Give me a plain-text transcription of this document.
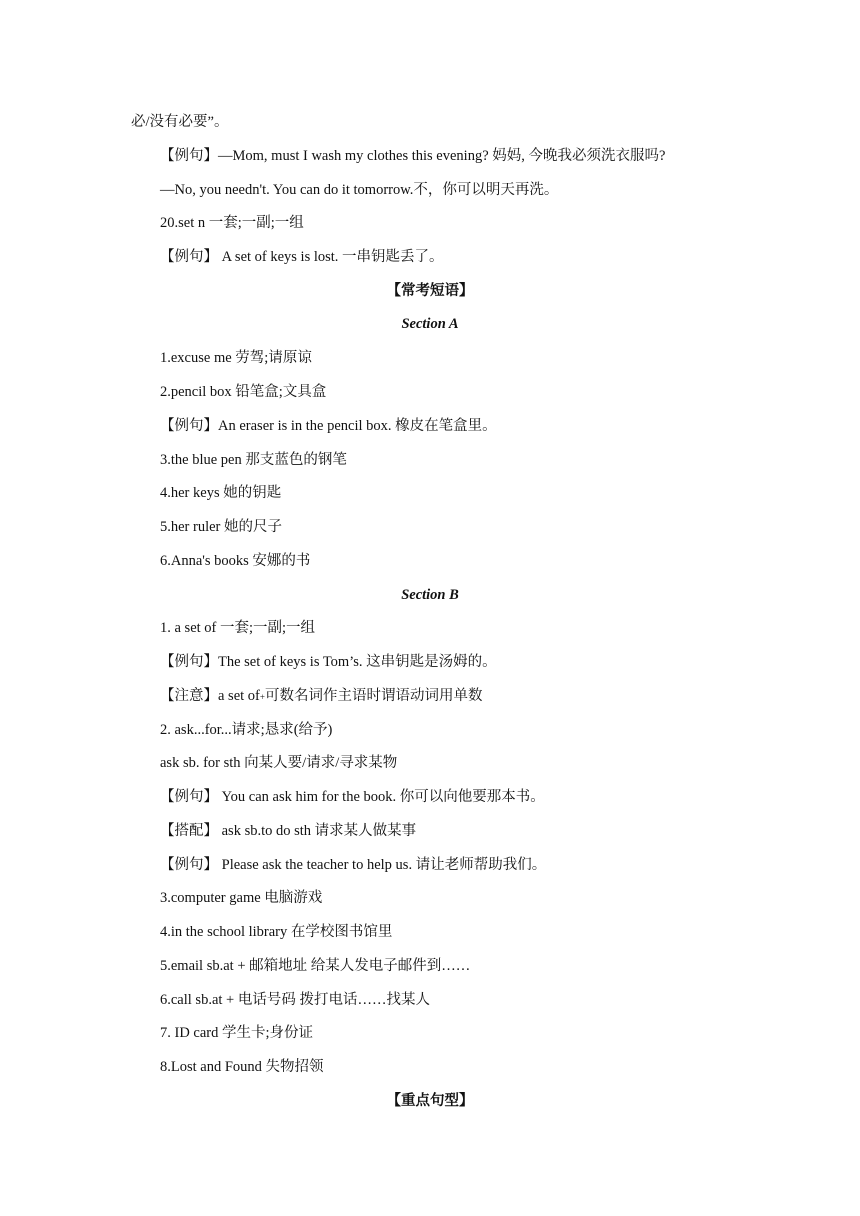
必/没有必要”。
【例句】—Mom, must I wash my clothes this evening? 妈妈, 今晚我必须洗衣服吗?
—No, you needn't. You can do it tomorrow.不，你可以明天再洗。
20.set n 一套;一副;一组
【例句】 A set of keys is lost. 一串钥匙丢了。
【常考短语】
Section A
1.excuse me 劳驾;请原谅
2.pencil box 铅笔盒;文具盒
【例句】An eraser is in the pencil box. 橡皮在笔盒里。
3.the blue pen 那支蓝色的钢笔
4.her keys 她的钥匙
5.her ruler 她的尺子
6.Anna's books 安娜的书
Section B
1. a set of 一套;一副;一组
【例句】The set of keys is Tom’s. 这串钥匙是汤姆的。
【注意】a set of+可数名词作主语时谓语动词用单数
2. ask...for...请求;恳求(给予)
ask sb. for sth 向某人要/请求/寻求某物
【例句】 You can ask him for the book. 你可以向他要那本书。
【搭配】 ask sb.to do sth 请求某人做某事
【例句】 Please ask the teacher to help us. 请让老师帮助我们。
3.computer game 电脑游戏
4.in the school library 在学校图书馆里
5.email sb.at + 邮箱地址 给某人发电子邮件到……
6.call sb.at + 电话号码 拨打电话……找某人
7. ID card 学生卡;身份证
8.Lost and Found 失物招领
【重点句型】
